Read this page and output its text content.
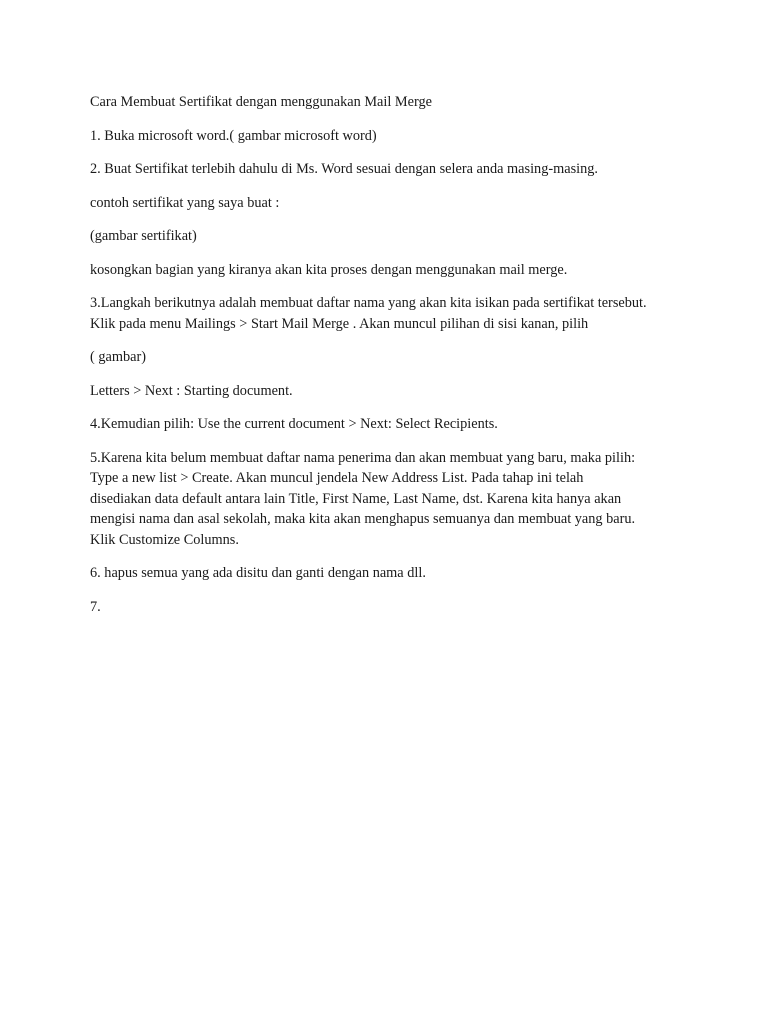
Cara Membuat Sertifikat dengan menggunakan Mail Merge

1. Buka microsoft word.( gambar microsoft word)

2. Buat Sertifikat terlebih dahulu di Ms. Word sesuai dengan selera anda masing-masing.

contoh sertifikat yang saya buat :

(gambar sertifikat)

kosongkan bagian yang kiranya akan kita proses dengan menggunakan mail merge.

3.Langkah berikutnya adalah membuat daftar nama yang akan kita isikan pada sertifikat tersebut.
Klik pada menu Mailings > Start Mail Merge . Akan muncul pilihan di sisi kanan, pilih

( gambar)

Letters > Next : Starting document.

4.Kemudian pilih: Use the current document > Next: Select Recipients.

5.Karena kita belum membuat daftar nama penerima dan akan membuat yang baru, maka pilih:
Type a new list > Create. Akan muncul jendela New Address List. Pada tahap ini telah
disediakan data default antara lain Title, First Name, Last Name, dst. Karena kita hanya akan
mengisi nama dan asal sekolah, maka kita akan menghapus semuanya dan membuat yang baru.
Klik Customize Columns.

6. hapus semua yang ada disitu dan ganti dengan nama dll.

7.
